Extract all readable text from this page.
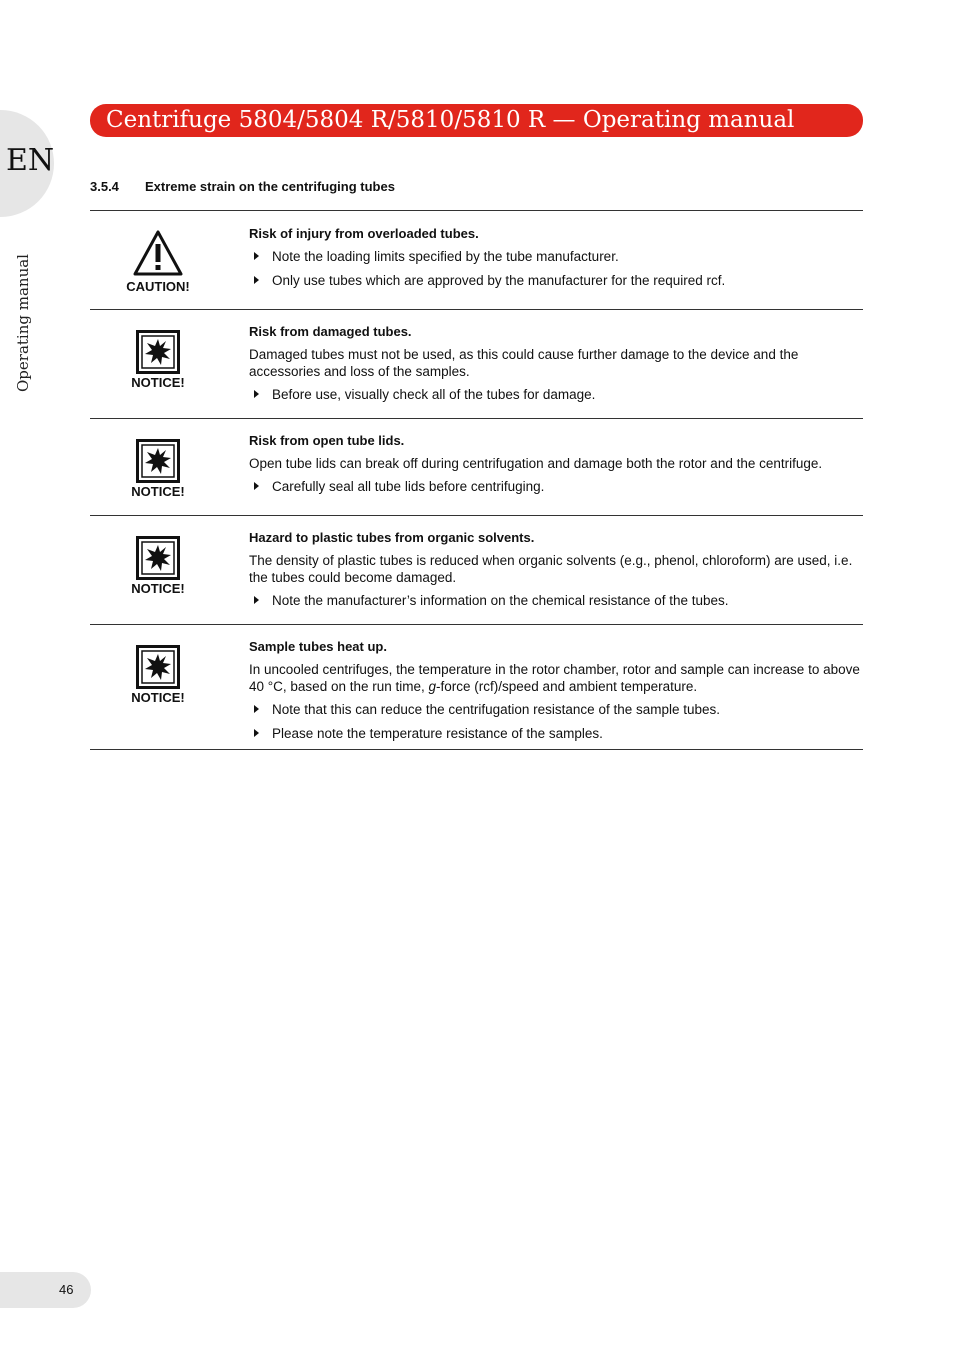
EN
Operating manual
Centrifuge 5804/5804 R/5810/5810 R — Operating manual
3.5.4 Extreme strain on the centrifuging tubes
CAUTION!
Risk of injury from overloaded tubes.
Note the loading limits specified by the tube manufacturer.
Only use tubes which are approved by the manufacturer for the required rcf.
NOTICE!
Risk from damaged tubes.
Damaged tubes must not be used, as this could cause further damage to the device and the accessories and loss of the samples.
Before use, visually check all of the tubes for damage.
NOTICE!
Risk from open tube lids.
Open tube lids can break off during centrifugation and damage both the rotor and the centrifuge.
Carefully seal all tube lids before centrifuging.
NOTICE!
Hazard to plastic tubes from organic solvents.
The density of plastic tubes is reduced when organic solvents (e.g., phenol, chloroform) are used, i.e. the tubes could become damaged.
Note the manufacturer’s information on the chemical resistance of the tubes.
NOTICE!
Sample tubes heat up.
In uncooled centrifuges, the temperature in the rotor chamber, rotor and sample can increase to above 40 °C, based on the run time, g-force (rcf)/speed and ambient temperature.
Note that this can reduce the centrifugation resistance of the sample tubes.
Please note the temperature resistance of the samples.
46
